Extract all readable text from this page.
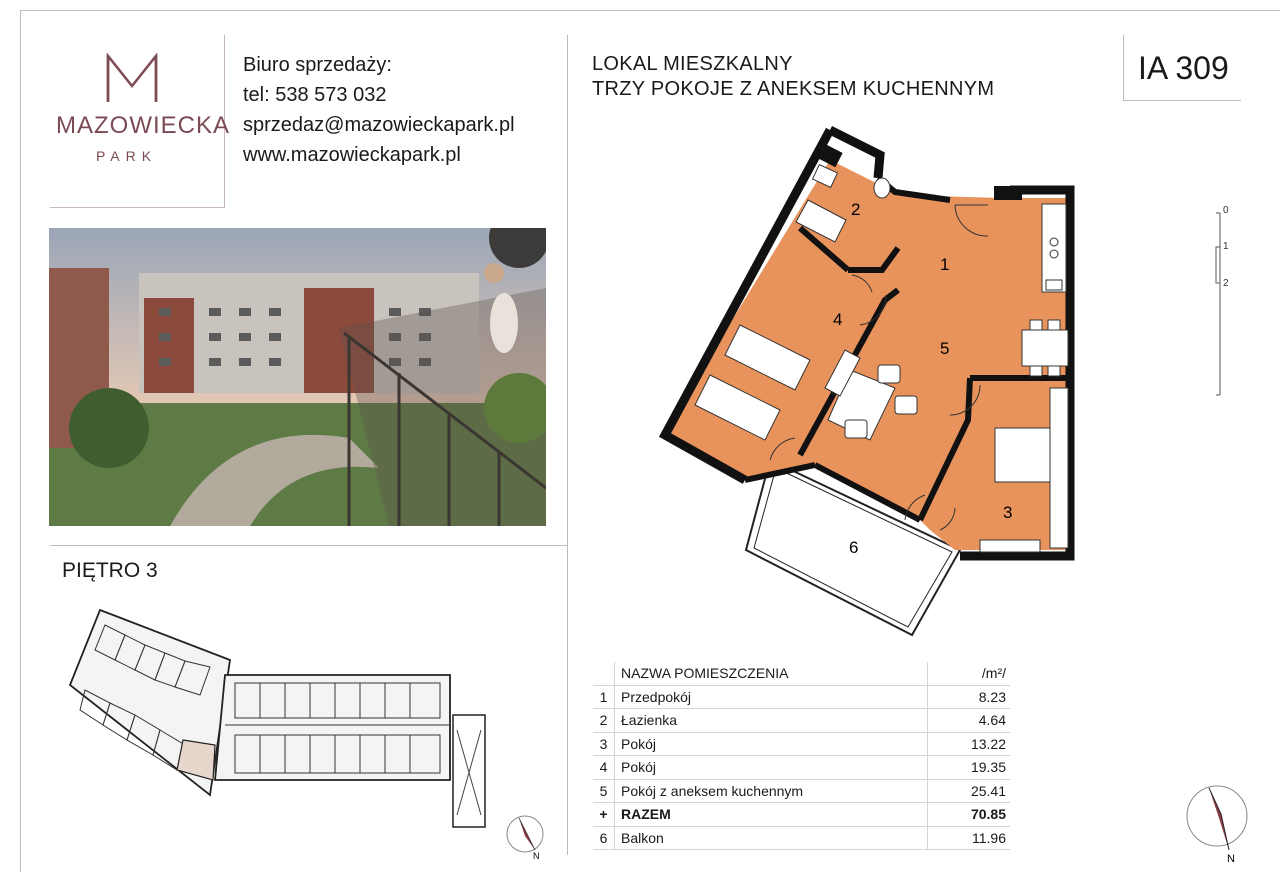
MAZOWIECKA
PARK
Biuro sprzedaży:
tel: 538 573 032
sprzedaz@mazowieckapark.pl
www.mazowieckapark.pl
PIĘTRO 3
N
LOKAL MIESZKALNY
TRZY POKOJE Z ANEKSEM KUCHENNYM
IA 309
0
1
2
1
2
3
4
5
6
	NAZWA POMIESZCZENIA	/m²/
1	Przedpokój	8.23
2	Łazienka	4.64
3	Pokój	13.22
4	Pokój	19.35
5	Pokój z aneksem kuchennym	25.41
+	RAZEM	70.85
6	Balkon	11.96
N
